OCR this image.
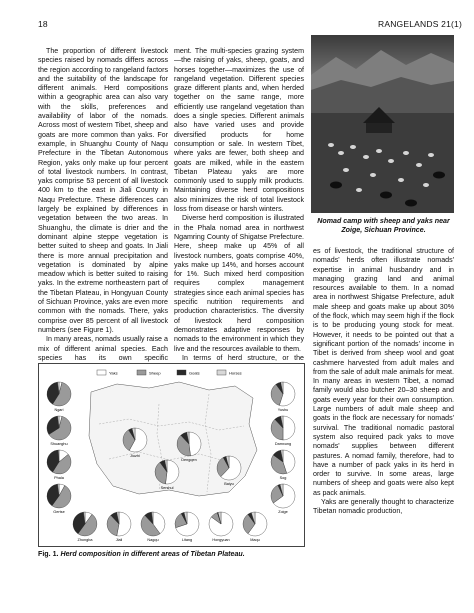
18	RANGELANDS 21(1)

The proportion of different livestock species raised by nomads differs across the region according to rangeland factors and the suitability of the landscape for different animals. Herd compositions within a geographic area can also vary with the skills, preferences and availability of labor of the nomads. Across most of western Tibet, sheep and goats are more common than yaks. For example, in Shuanghu County of Naqu Prefecture in the Tibetan Autonomous Region, yaks only make up four percent of total livestock numbers. In contrast, yaks comprise 53 percent of all livestock 400 km to the east in Jiali County in Naqu Prefecture. These differences can largely be explained by differences in vegetation between the two areas. In Shuanghu, the climate is drier and the dominant alpine steppe vegetation is better suited to sheep and goats. In Jiali there is more annual precipitation and vegetation is dominated by alpine meadow which is better suited to raising yaks. In the extreme northeastern part of the Tibetan Plateau, in Hongyuan County of Sichuan Province, yaks are even more common with the nomads. There, yaks comprise over 85 percent of all livestock numbers (see Figure 1).

In many areas, nomads usually raise a mix of different animal species. Each species has its own specific

ment. The multi-species grazing system—the raising of yaks, sheep, goats, and horses together—maximizes the use of rangeland vegetation. Different species graze different plants and, when herded together on the same range, more efficiently use rangeland vegetation than does a single species. Different animals also have varied uses and provide diversified products for home consumption or sale. In western Tibet, where yaks are fewer, both sheep and goats are milked, while in the eastern Tibetan Plateau yaks are more commonly used to supply milk products. Maintaining diverse herd compositions also minimizes the risk of total livestock loss from disease or harsh winters.

Diverse herd composition is illustrated in the Phala nomad area in northwest Ngamring County of Shigatse Prefecture. Here, sheep make up 45% of all livestock numbers, goats comprise 40%, yaks make up 14%, and horses account for 1%. Such mixed herd composition requires complex management strategies since each animal species has specific nutrition requirements and production characteristics. The diversity of livestock herd composition demonstrates adaptive responses by nomads to the environment in which they live and the resources available to them.

In terms of herd structure, or the

Nomad camp with sheep and yaks near Zoige, Sichuan Province.

es of livestock, the traditional structure of nomads' herds often illustrate nomads' expertise in animal husbandry and in managing grazing land and animal resources available to them. In a nomad area in northwest Shigatse Prefecture, adult male sheep and goats make up about 30% of the flock, which may seem high if the flock is to be producing young stock for meat. However, it needs to be pointed out that a significant portion of the nomads' income in Tibet is derived from sheep wool and goat cashmere harvested from adult males and from the sale of adult male animals for meat. In many areas in western Tibet, a nomad family would also butcher 20–30 sheep and goats every year for their own consumption. Large numbers of adult male sheep and goats in the flock are necessary for nomads' survival. The traditional nomadic pastoral system also required pack yaks to move nomads' supplies between different pastures. A nomad family, therefore, had to have a number of pack yaks in its herd in order to survive. In some areas, large numbers of sheep and goats were also kept as pack animals.

Yaks are generally thought to characterize Tibetan nomadic production,

Yaks	Sheep	Goats	Horses
Ngari
Shuanghu
Phala
Gertse
Zhongba	Jiali	Nagqu	Litang	Hongyuan	Maqu
Zoige
Sog
Damxung
Yushu
Dengqen
Jiuzhi
Baiyu
Sershul
Fig. 1. Herd composition in different areas of Tibetan Plateau.
